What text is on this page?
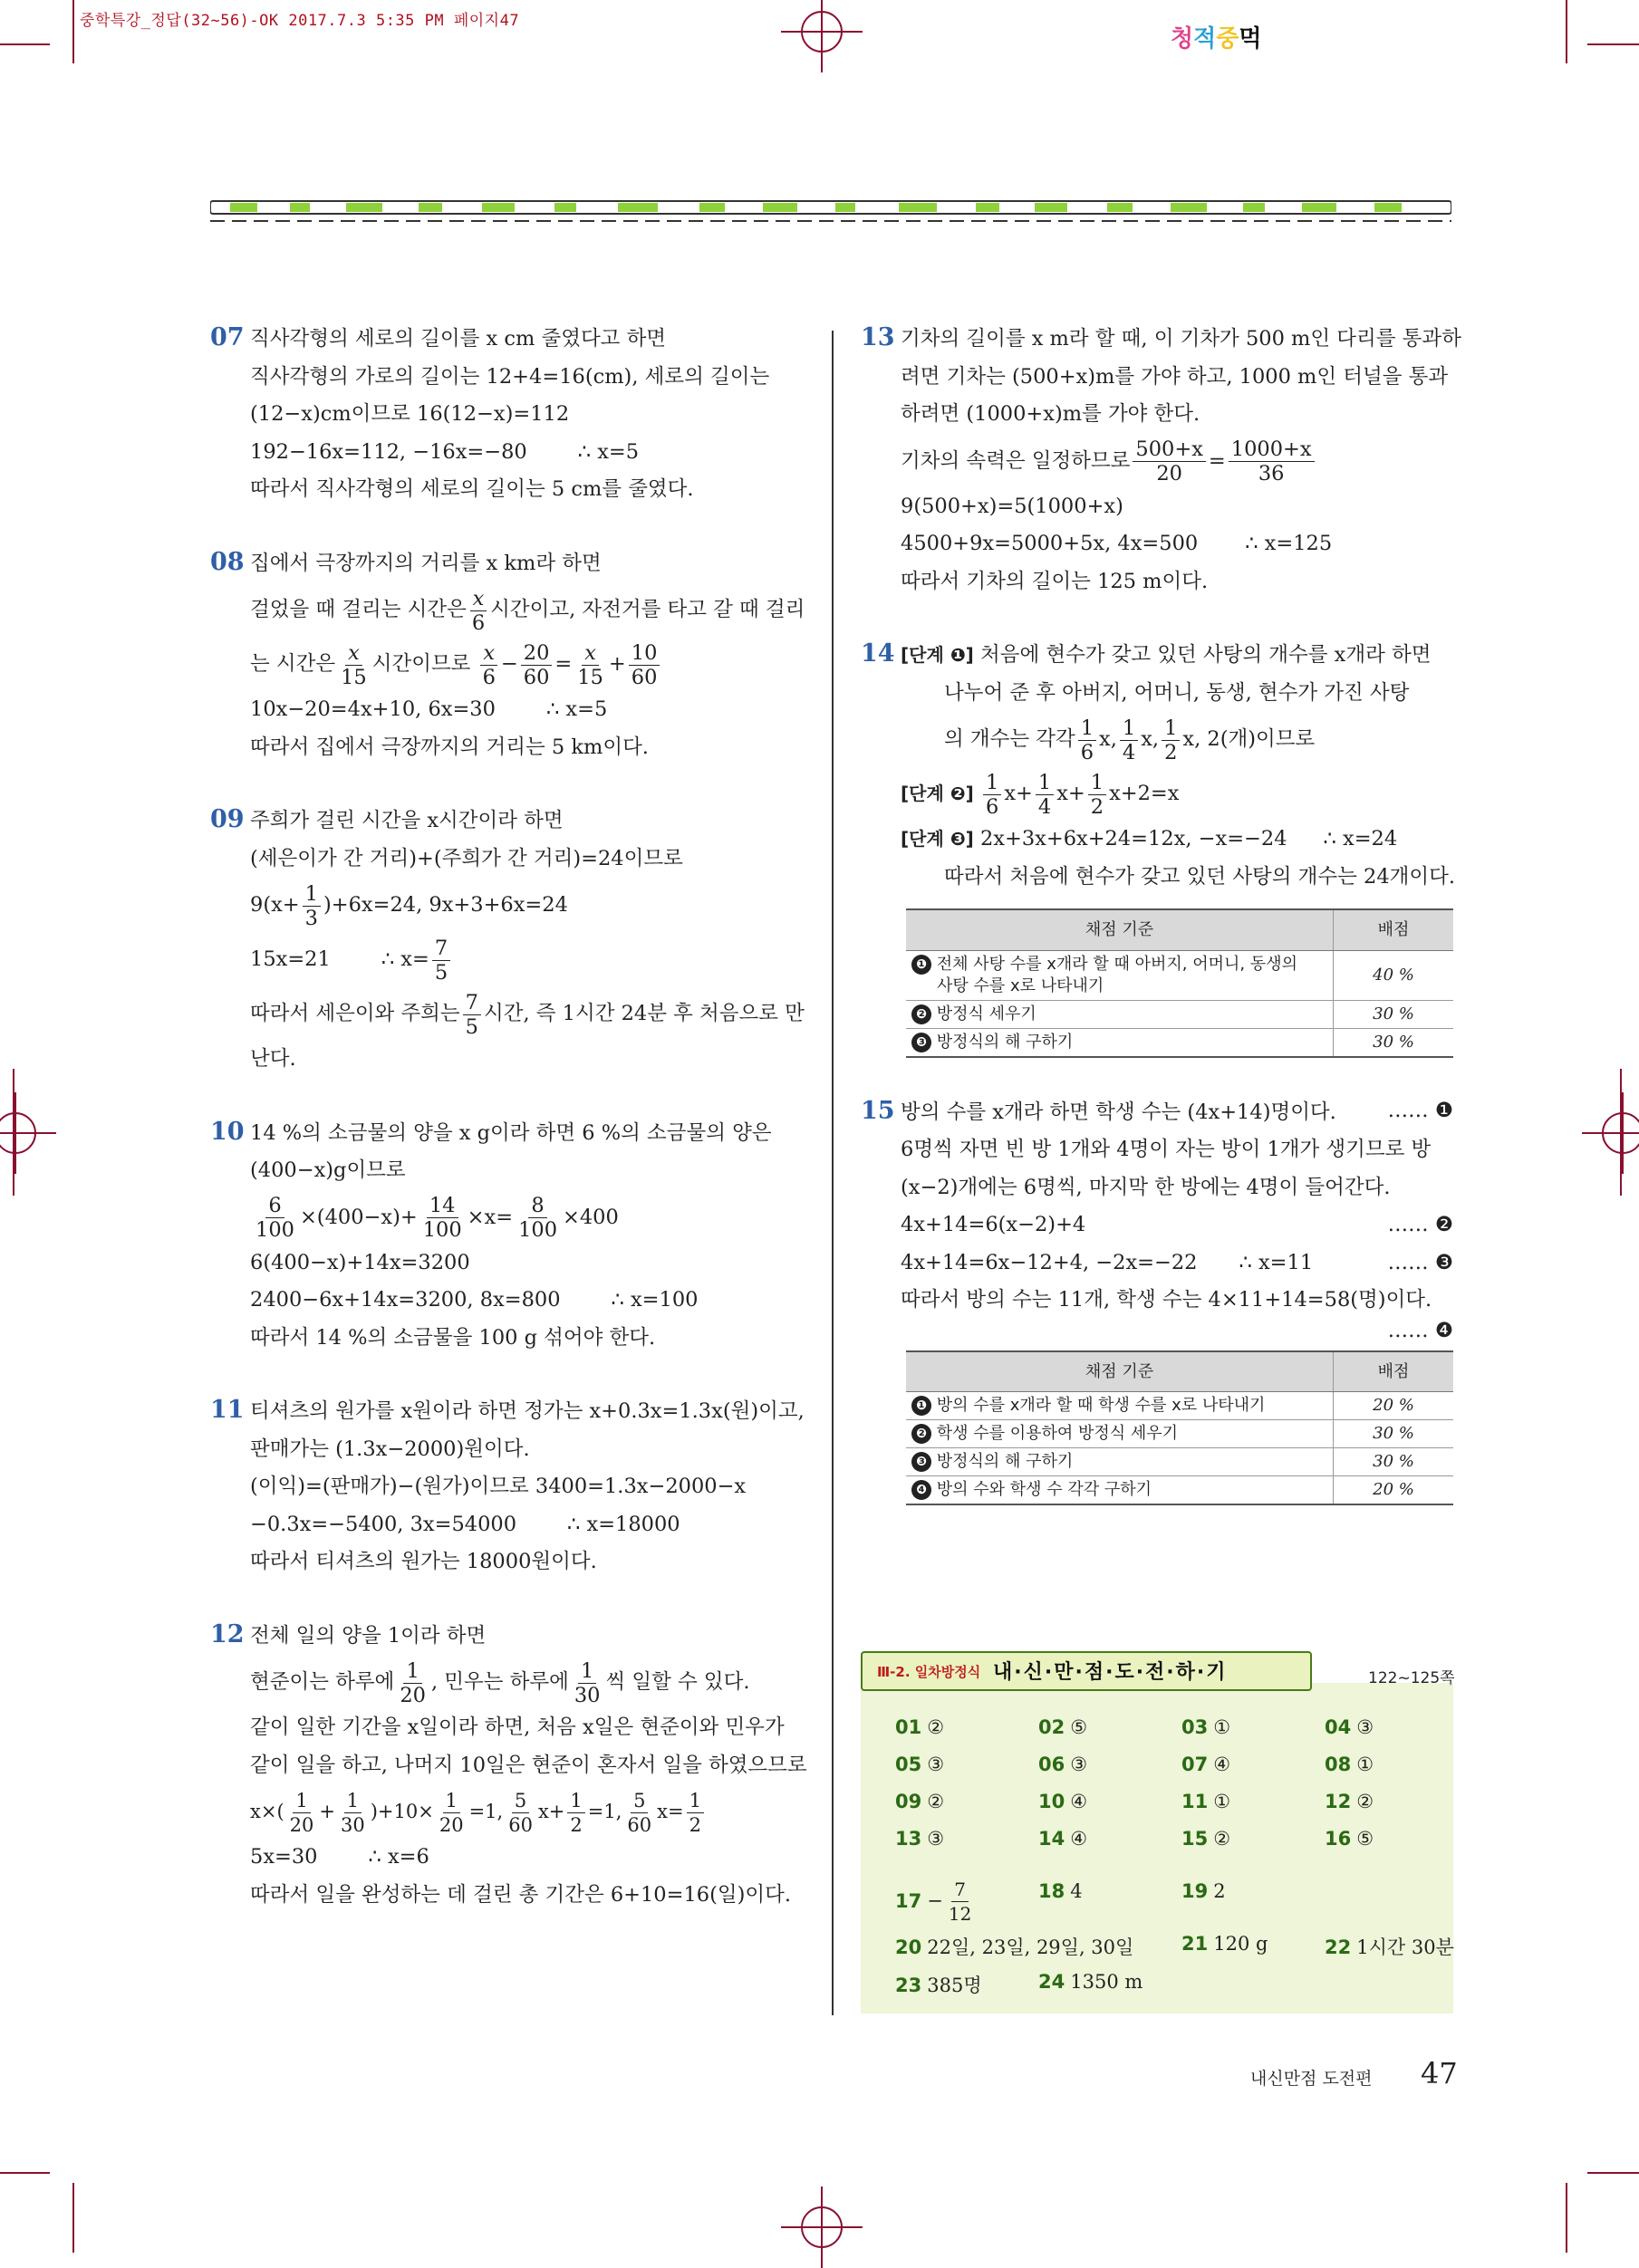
중학특강_정답(32~56)-OK 2017.7.3 5:35 PM 페이지47
청적중먹
07 직사각형의 세로의 길이를 x cm 줄였다고 하면
직사각형의 가로의 길이는 12+4=16(cm), 세로의 길이는
(12−x)cm이므로 16(12−x)=112
192−16x=112, −16x=−80 ∴ x=5
따라서 직사각형의 세로의 길이는 5 cm를 줄였다.
08 집에서 극장까지의 거리를 x km라 하면
걸었을 때 걸리는 시간은 $\frac{x}{6}$ 시간이고, 자전거를 타고 갈 때 걸리
는 시간은 $\frac{x}{15}$ 시간이므로 $\frac{x}{6} - \frac{20}{60} = \frac{x}{15} + \frac{10}{60}$
10x−20=4x+10, 6x=30 ∴ x=5
따라서 집에서 극장까지의 거리는 5 km이다.
09 주희가 걸린 시간을 x시간이라 하면
(세은이가 간 거리)+(주희가 간 거리)=24이므로
$9(x+ \frac{1}{3} )+6x=24$, 9x+3+6x=24
15x=21 ∴ $x= \frac{7}{5}$
따라서 세은이와 주희는 $\frac{7}{5}$ 시간, 즉 1시간 24분 후 처음으로 만
난다.
10 14 %의 소금물의 양을 x g이라 하면 6 %의 소금물의 양은
(400−x)g이므로
$\frac{6}{100} \times(400-x)+ \frac{14}{100} \times x= \frac{8}{100} \times 400$
6(400−x)+14x=3200
2400−6x+14x=3200, 8x=800 ∴ x=100
따라서 14 %의 소금물을 100 g 섞어야 한다.
11 티셔츠의 원가를 x원이라 하면 정가는 x+0.3x=1.3x(원)이고,
판매가는 (1.3x−2000)원이다.
(이익)=(판매가)−(원가)이므로 3400=1.3x−2000−x
−0.3x=−5400, 3x=54000 ∴ x=18000
따라서 티셔츠의 원가는 18000원이다.
12 전체 일의 양을 1이라 하면
현준이는 하루에 $\frac{1}{20}$ , 민우는 하루에 $\frac{1}{30}$ 씩 일할 수 있다.
같이 일한 기간을 x일이라 하면, 처음 x일은 현준이와 민우가
같이 일을 하고, 나머지 10일은 현준이 혼자서 일을 하였으므로
$x\times( \frac{1}{20} + \frac{1}{30} )+10\times \frac{1}{20} =1$, $\frac{5}{60} x+ \frac{1}{2} =1$, $\frac{5}{60} x= \frac{1}{2}$
5x=30 ∴ x=6
따라서 일을 완성하는 데 걸린 총 기간은 6+10=16(일)이다.
13 기차의 길이를 x m라 할 때, 이 기차가 500 m인 다리를 통과하
려면 기차는 (500+x)m를 가야 하고, 1000 m인 터널을 통과
하려면 (1000+x)m를 가야 한다.
기차의 속력은 일정하므로 $\frac{500+x}{20} = \frac{1000+x}{36}$
9(500+x)=5(1000+x)
4500+9x=5000+5x, 4x=500 ∴ x=125
따라서 기차의 길이는 125 m이다.
14 [단계 ❶] 처음에 현수가 갖고 있던 사탕의 개수를 x개라 하면
나누어 준 후 아버지, 어머니, 동생, 현수가 가진 사탕
의 개수는 각각 $\frac{1}{6} x$, $\frac{1}{4} x$, $\frac{1}{2} x$, 2(개)이므로
[단계 ❷] $\frac{1}{6} x+ \frac{1}{4} x+ \frac{1}{2} x+2=x$
[단계 ❸] 2x+3x+6x+24=12x, −x=−24 ∴ x=24
따라서 처음에 현수가 갖고 있던 사탕의 개수는 24개이다.
채점 기준	배점
❶ 전체 사탕 수를 x개라 할 때 아버지, 어머니, 동생의
사탕 수를 x로 나타내기	40 %
❷ 방정식 세우기	30 %
❸ 방정식의 해 구하기	30 %
15 방의 수를 x개라 하면 학생 수는 (4x+14)명이다.	…… ❶
6명씩 자면 빈 방 1개와 4명이 자는 방이 1개가 생기므로 방
(x−2)개에는 6명씩, 마지막 한 방에는 4명이 들어간다.
4x+14=6(x−2)+4	…… ❷
4x+14=6x−12+4, −2x=−22 ∴ x=11	…… ❸
따라서 방의 수는 11개, 학생 수는 4×11+14=58(명)이다.
…… ❹
채점 기준	배점
❶ 방의 수를 x개라 할 때 학생 수를 x로 나타내기	20 %
❷ 학생 수를 이용하여 방정식 세우기	30 %
❸ 방정식의 해 구하기	30 %
❹ 방의 수와 학생 수 각각 구하기	20 %
Ⅲ-2. 일차방정식 내·신·만·점·도·전·하·기	122~125쪽
01 ②	02 ⑤	03 ①	04 ③
05 ③	06 ③	07 ④	08 ①
09 ②	10 ④	11 ①	12 ②
13 ③	14 ④	15 ②	16 ⑤
$17 - \frac{7}{12}$	18 4	19 2
20 22일, 23일, 29일, 30일	21 120 g	22 1시간 30분
23 385명	24 1350 m
내신만점 도전편 47
